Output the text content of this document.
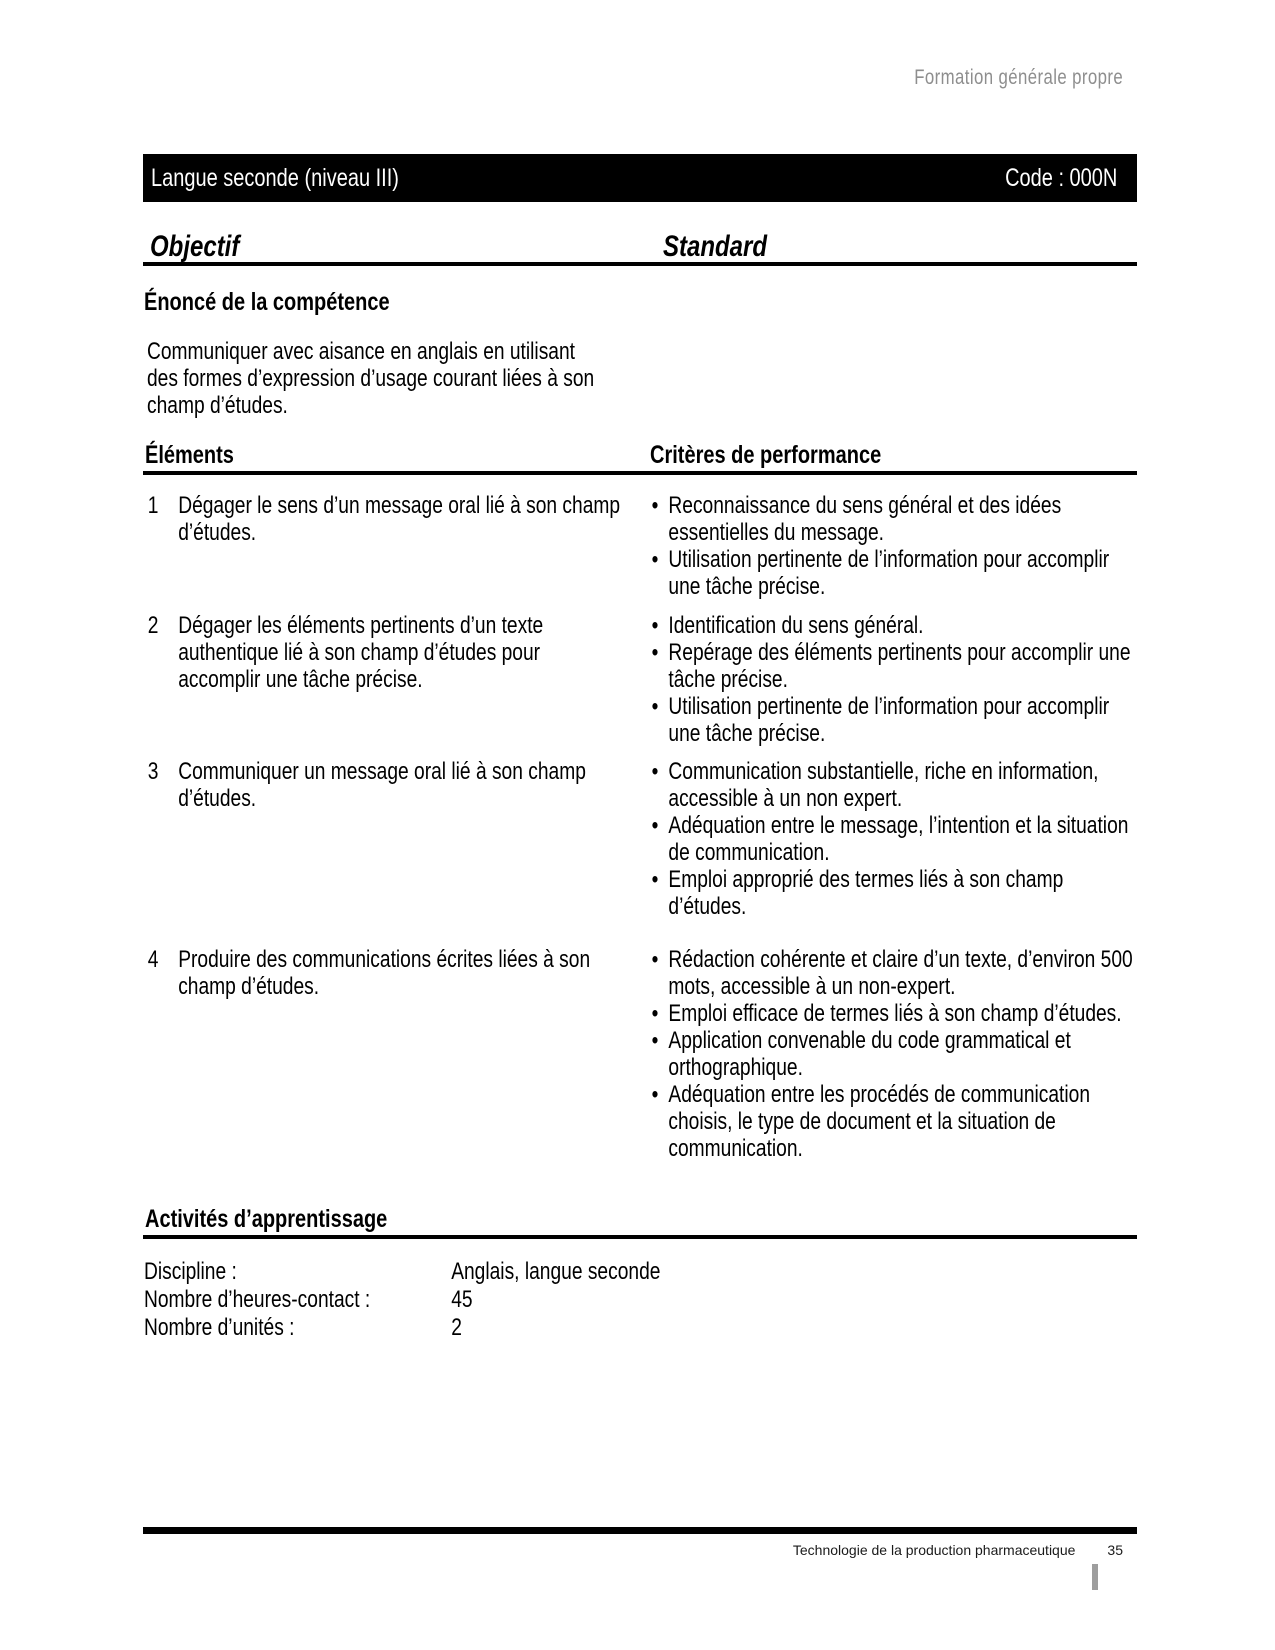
Formation générale propre
Langue seconde (niveau III)	Code : 000N
Objectif	Standard
Énoncé de la compétence
Communiquer avec aisance en anglais en utilisant des formes d’expression d’usage courant liées à son champ d’études.
Éléments	Critères de performance
1 Dégager le sens d’un message oral lié à son champ d’études.
• Reconnaissance du sens général et des idées essentielles du message.
• Utilisation pertinente de l’information pour accomplir une tâche précise.
2 Dégager les éléments pertinents d’un texte authentique lié à son champ d’études pour accomplir une tâche précise.
• Identification du sens général.
• Repérage des éléments pertinents pour accomplir une tâche précise.
• Utilisation pertinente de l’information pour accomplir une tâche précise.
3 Communiquer un message oral lié à son champ d’études.
• Communication substantielle, riche en information, accessible à un non expert.
• Adéquation entre le message, l’intention et la situation de communication.
• Emploi approprié des termes liés à son champ d’études.
4 Produire des communications écrites liées à son champ d’études.
• Rédaction cohérente et claire d’un texte, d’environ 500 mots, accessible à un non-expert.
• Emploi efficace de termes liés à son champ d’études.
• Application convenable du code grammatical et orthographique.
• Adéquation entre les procédés de communication choisis, le type de document et la situation de communication.
Activités d’apprentissage
Discipline :	Anglais, langue seconde
Nombre d’heures-contact :	45
Nombre d’unités :	2
Technologie de la production pharmaceutique 35
